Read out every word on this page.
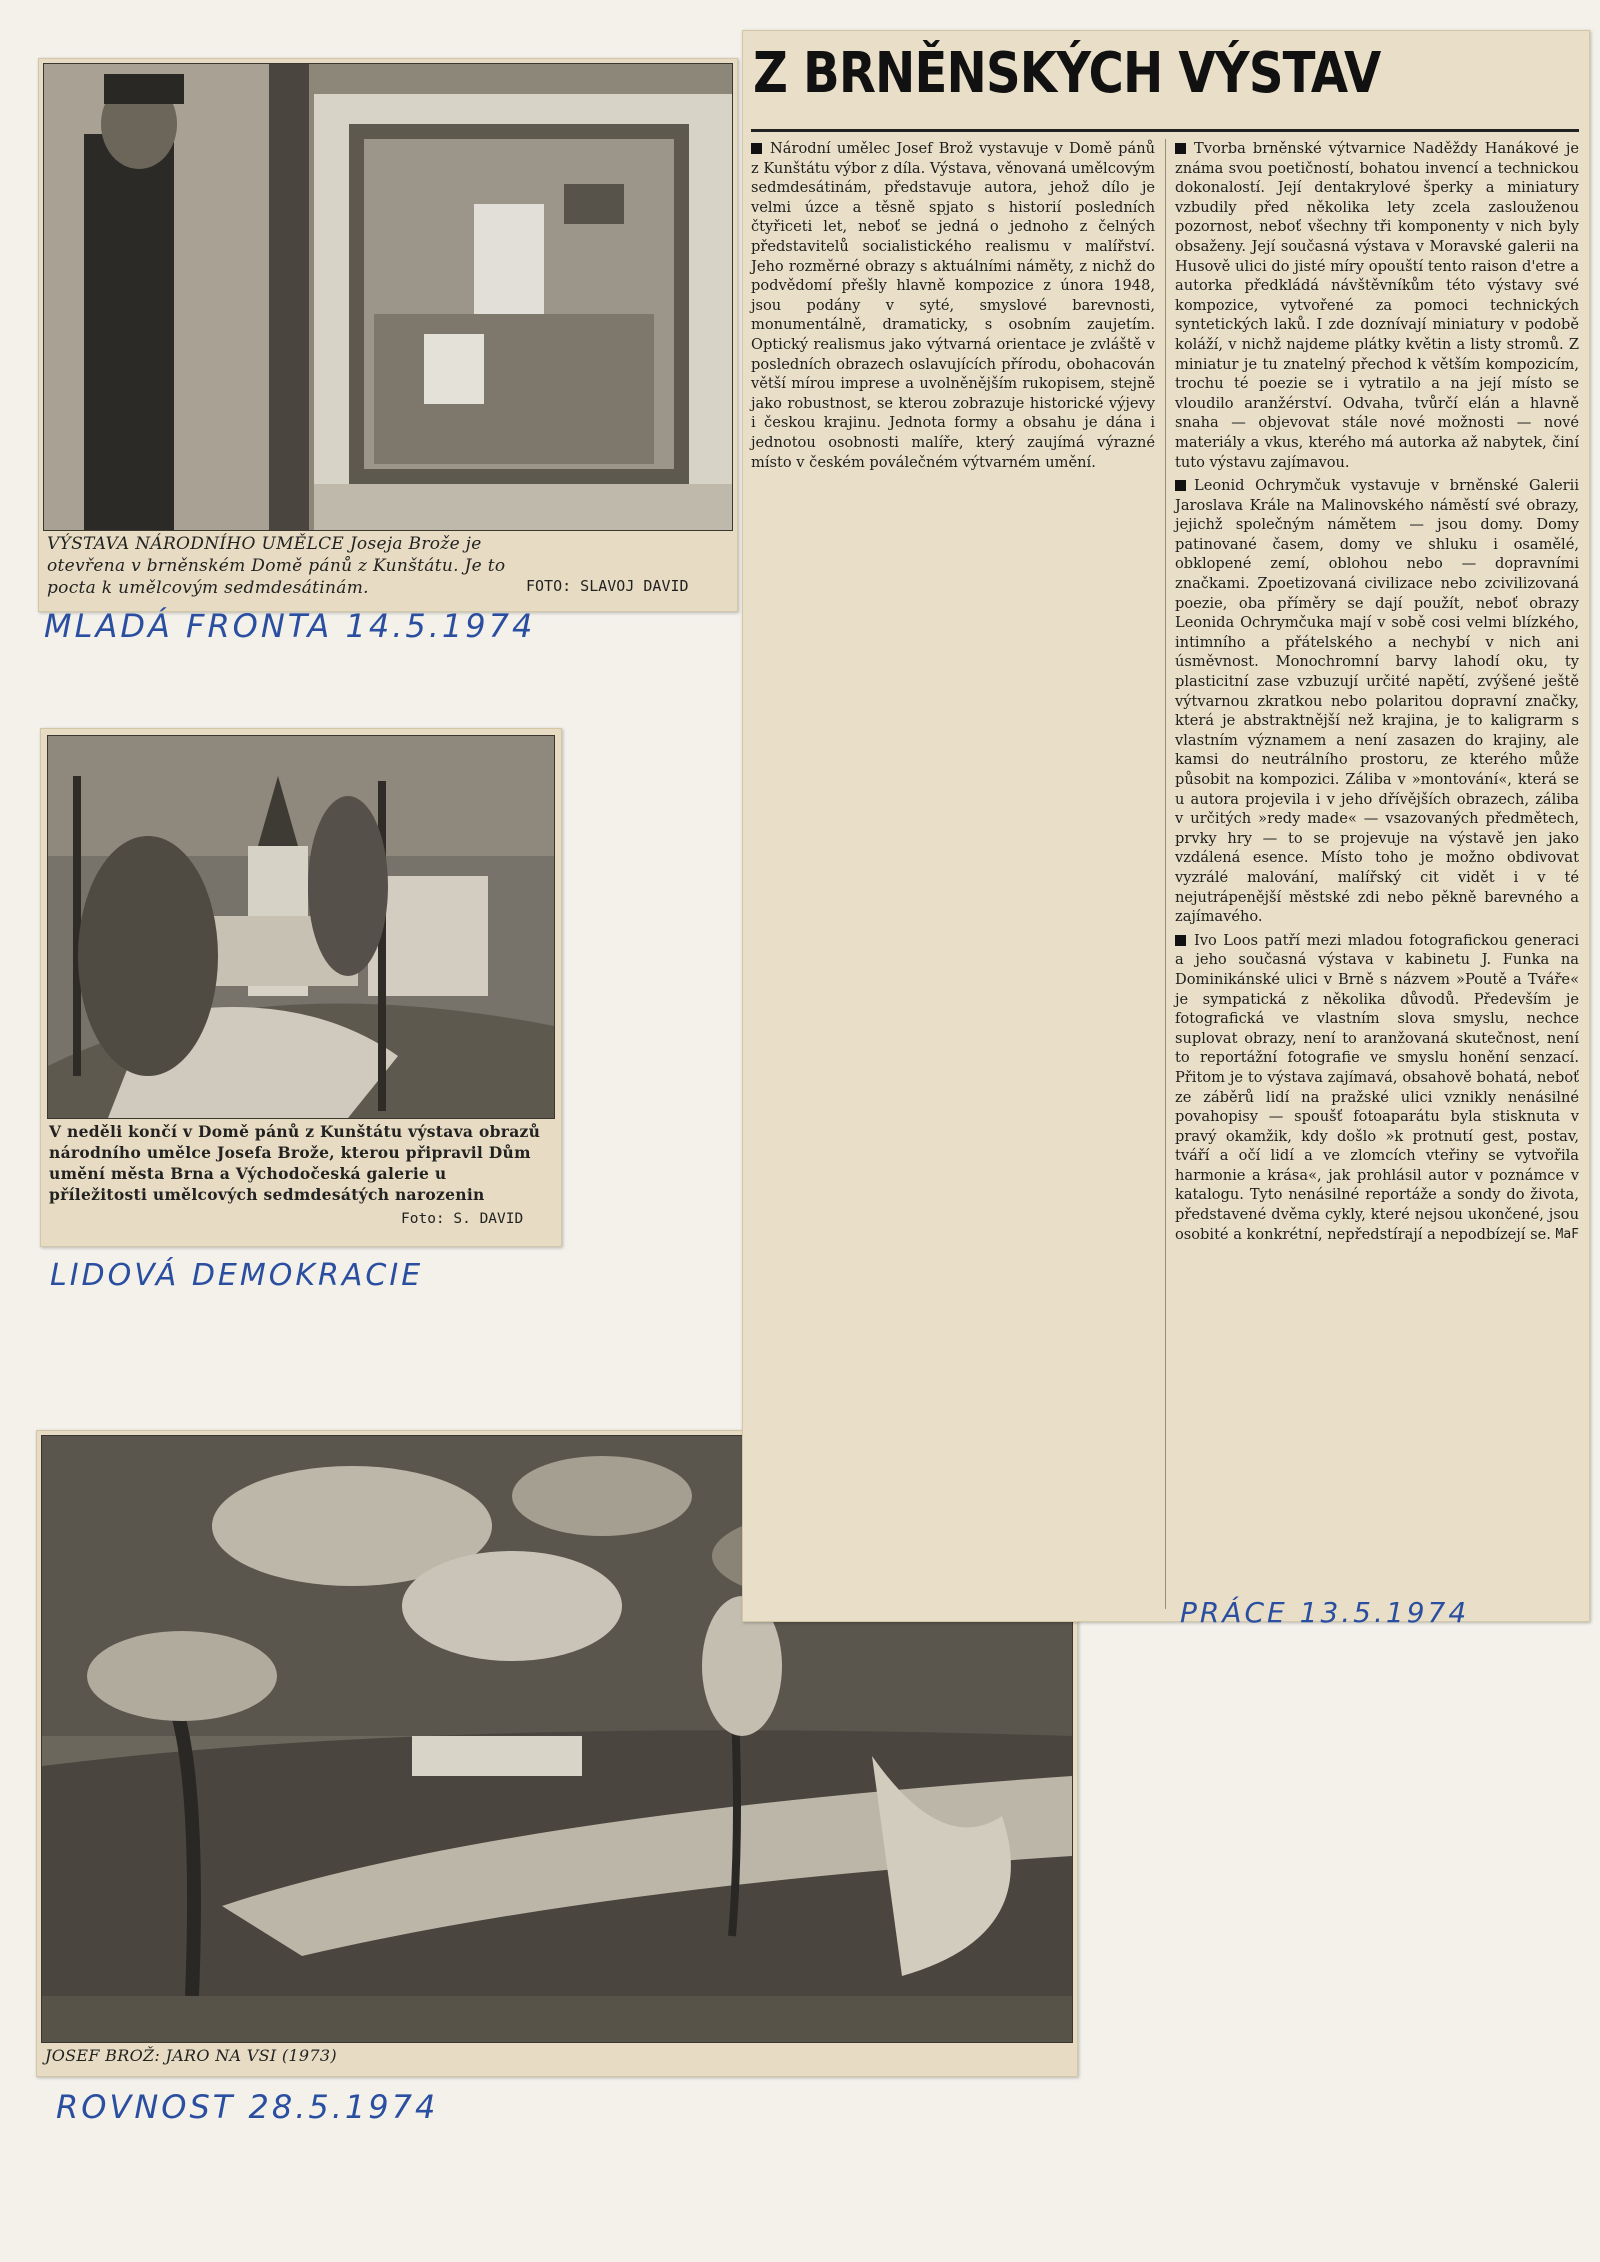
VÝSTAVA NÁRODNÍHO UMĚLCE Joseja Brože je otevřena v brněnském Domě pánů z Kunštátu. Je to pocta k umělcovým sedmdesátinám.	FOTO: SLAVOJ DAVID
MLADÁ FRONTA 14.5.1974
V neděli končí v Domě pánů z Kunštátu výstava obrazů národního umělce Josefa Brože, kterou připravil Dům umění města Brna a Východočeská galerie u příležitosti umělcových sedmdesátých narozenin
Foto: S. DAVID
LIDOVÁ DEMOKRACIE
JOSEF BROŽ: JARO NA VSI (1973)
ROVNOST 28.5.1974
Z BRNĚNSKÝCH VÝSTAV

Národní umělec Josef Brož vystavuje v Domě pánů z Kunštátu výbor z díla. Výstava, věnovaná umělcovým sedmdesátinám, představuje autora, jehož dílo je velmi úzce a těsně spjato s historií posledních čtyřiceti let, neboť se jedná o jednoho z čelných představitelů socialistického realismu v malířství. Jeho rozměrné obrazy s aktuálními náměty, z nichž do podvědomí přešly hlavně kompozice z února 1948, jsou podány v syté, smyslové barevnosti, monumentálně, dramaticky, s osobním zaujetím. Optický realismus jako výtvarná orientace je zvláště v posledních obrazech oslavujících přírodu, obohacován větší mírou imprese a uvolněnějším rukopisem, stejně jako robustnost, se kterou zobrazuje historické výjevy i českou krajinu. Jednota formy a obsahu je dána i jednotou osobnosti malíře, který zaujímá výrazné místo v českém poválečném výtvarném umění.

Tvorba brněnské výtvarnice Naděždy Hanákové je známa svou poetičností, bohatou invencí a technickou dokonalostí. Její dentakrylové šperky a miniatury vzbudily před několika lety zcela zaslouženou pozornost, neboť všechny tři komponenty v nich byly obsaženy. Její současná výstava v Moravské galerii na Husově ulici do jisté míry opouští tento raison d'etre a autorka předkládá návštěvníkům této výstavy své kompozice, vytvořené za pomoci technických syntetických laků. I zde doznívají miniatury v podobě koláží, v nichž najdeme plátky květin a listy stromů. Z miniatur je tu znatelný přechod k větším kompozicím, trochu té poezie se i vytratilo a na její místo se vloudilo aranžérství. Odvaha, tvůrčí elán a hlavně snaha — objevovat stále nové možnosti — nové materiály a vkus, kterého má autorka až nabytek, činí tuto výstavu zajímavou.

Leonid Ochrymčuk vystavuje v brněnské Galerii Jaroslava Krále na Malinovského náměstí své obrazy, jejichž společným námětem — jsou domy. Domy patinované časem, domy ve shluku i osamělé, obklopené zemí, oblohou nebo — dopravními značkami. Zpoetizovaná civilizace nebo zcivilizovaná poezie, oba příměry se dají použít, neboť obrazy Leonida Ochrymčuka mají v sobě cosi velmi blízkého, intimního a přátelského a nechybí v nich ani úsměvnost. Monochromní barvy lahodí oku, ty plasticitní zase vzbuzují určité napětí, zvýšené ještě výtvarnou zkratkou nebo polaritou dopravní značky, která je abstraktnější než krajina, je to kaligrarm s vlastním významem a není zasazen do krajiny, ale kamsi do neutrálního prostoru, ze kterého může působit na kompozici. Záliba v »montování«, která se u autora projevila i v jeho dřívějších obrazech, záliba v určitých »redy made« — vsazovaných předmětech, prvky hry — to se projevuje na výstavě jen jako vzdálená esence. Místo toho je možno obdivovat vyzrálé malování, malířský cit vidět i v té nejutrápenější městské zdi nebo pěkně barevného a zajímavého.

Ivo Loos patří mezi mladou fotografickou generaci a jeho současná výstava v kabinetu J. Funka na Dominikánské ulici v Brně s názvem »Poutě a Tváře« je sympatická z několika důvodů. Především je fotografická ve vlastním slova smyslu, nechce suplovat obrazy, není to aranžovaná skutečnost, není to reportážní fotografie ve smyslu honění senzací. Přitom je to výstava zajímavá, obsahově bohatá, neboť ze záběrů lidí na pražské ulici vznikly nenásilné povahopisy — spoušť fotoaparátu byla stisknuta v pravý okamžik, kdy došlo »k protnutí gest, postav, tváří a očí lidí a ve zlomcích vteřiny se vytvořila harmonie a krása«, jak prohlásil autor v poznámce v katalogu. Tyto nenásilné reportáže a sondy do života, představené dvěma cykly, které nejsou ukončené, jsou osobité a konkrétní, nepředstírají a nepodbízejí se. MaF

PRÁCE 13.5.1974
